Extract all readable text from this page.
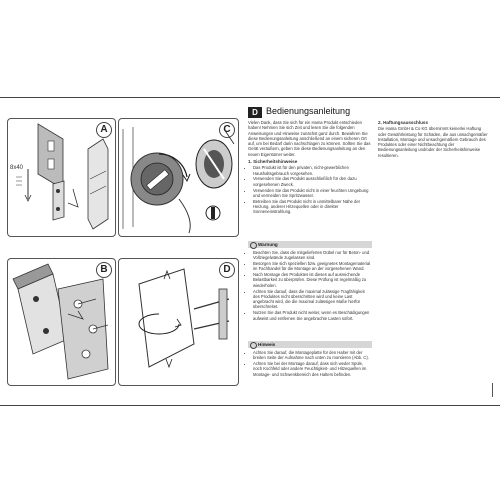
A
8x40
C
B	D
D Bedienungsanleitung

Vielen Dank, dass Sie sich für ein Hama Produkt entschieden haben! Nehmen Sie sich Zeit und lesen Sie die folgenden Anweisungen und Hinweise zunächst ganz durch. Bewahren Sie diese Bedienungsanleitung anschließend an einem sicheren Ort auf, um bei Bedarf darin nachschlagen zu können. Sollten Sie das Gerät veräußern, geben Sie diese Bedienungsanleitung an den neuen Eigentümer weiter.

1. Sicherheitshinweise
• Das Produkt ist für den privaten, nicht-gewerblichen Haushaltsgebrauch vorgesehen.
• Verwenden Sie das Produkt ausschließlich für den dazu vorgesehenen Zweck.
• Verwenden Sie das Produkt nicht in einer feuchten Umgebung und vermeiden Sie Spritzwasser.
• Betreiben Sie das Produkt nicht in unmittelbarer Nähe der Heizung, anderer Hitzequellen oder in direkter Sonneneinstrahlung.
Warnung
• Beachten Sie, dass die mitgelieferten Dübel nur für Beton- und Vollziegelwände zugelassen sind.
• Besorgen Sie sich speziellen bzw. geeignetes Montagematerial im Fachhandel für die Montage an der vorgesehenen Wand.
• Nach Montage des Produktes ist dieses auf ausreichende Belastbarkeit zu überprüfen. Diese Prüfung ist regelmäßig zu wiederholen.
• Achten Sie darauf, dass die maximal zulässige Tragfähigkeit des Produktes nicht überschritten wird und keine Last angebracht wird, die die maximal zulässigen Maße hierfür überschreitet.
• Nutzen Sie das Produkt nicht weiter, wenn es Beschädigungen aufweist und entfernen Sie angebrachte Lasten sofort.
Hinweis
• Achten Sie darauf, die Montageplatte für den Halter mit der breiten Seite der Aufnahme nach unten zu montieren (Abb. C).
• Achten Sie bei der Montage darauf, dass sich weder Spüle, noch Kochfeld oder andere Feuchtigkeit- und Hitzequellen im Montage- und Schwenkbereich des Halters befinden.
2. Haftungsausschluss

Die Hama GmbH & Co KG übernimmt keinerlei Haftung oder Gewährleistung für Schäden, die aus unsachgemäßer Installation, Montage und unsachgemäßem Gebrauch des Produktes oder einer Nichtbeachtung der Bedienungsanleitung und/oder der Sicherheitshinweise resultieren.
